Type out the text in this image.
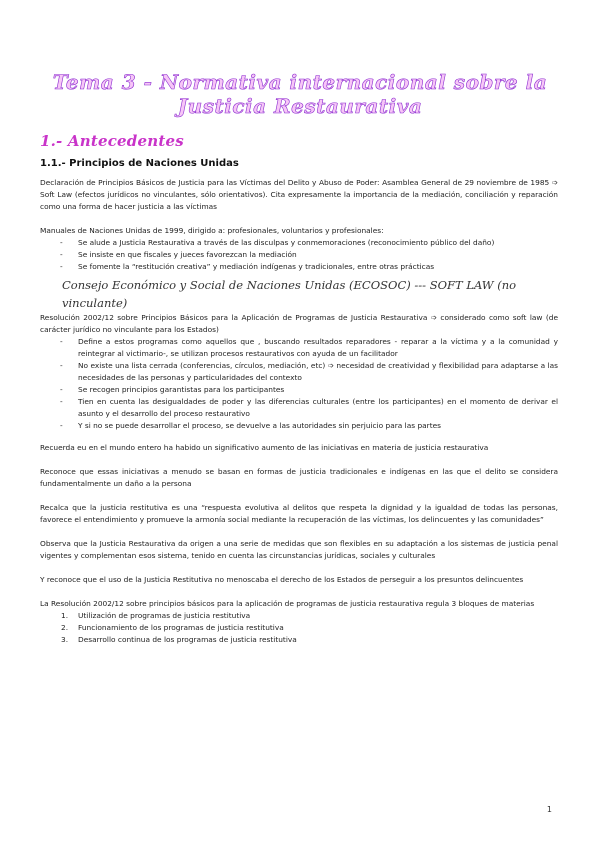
Tema 3 - Normativa internacional sobre la Justicia Restaurativa
1.- Antecedentes
1.1.- Principios de Naciones Unidas

Declaración de Principios Básicos de Justicia para las Víctimas del Delito y Abuso de Poder: Asamblea General de 29 noviembre de 1985 ➩ Soft Law (efectos jurídicos no vinculantes, sólo orientativos). Cita expresamente la importancia de la mediación, conciliación y reparación como una forma de hacer justicia a las víctimas

Manuales de Naciones Unidas de 1999, dirigido a: profesionales, voluntarios y profesionales:

- Se alude a Justicia Restaurativa a través de las disculpas y conmemoraciones (reconocimiento público del daño)
- Se insiste en que fiscales y jueces favorezcan la mediación
- Se fomente la “restitución creativa” y mediación indígenas y tradicionales, entre otras prácticas
Consejo Económico y Social de Naciones Unidas (ECOSOC) --- SOFT LAW (no vinculante)

Resolución 2002/12 sobre Principios Básicos para la Aplicación de Programas de Justicia Restaurativa ➩ considerado como soft law (de carácter jurídico no vinculante para los Estados)

- Define a estos programas como aquellos que , buscando resultados reparadores - reparar a la víctima y a la comunidad y reintegrar al victimario-, se utilizan procesos restaurativos con ayuda de un facilitador
- No existe una lista cerrada (conferencias, círculos, mediación, etc) ➩ necesidad de creatividad y flexibilidad para adaptarse a las necesidades de las personas y particularidades del contexto
- Se recogen principios garantistas para los participantes
- Tien en cuenta las desigualdades de poder y las diferencias culturales (entre los participantes) en el momento de derivar el asunto y el desarrollo del proceso restaurativo
- Y si no se puede desarrollar el proceso, se devuelve a las autoridades sin perjuicio para las partes

Recuerda eu en el mundo entero ha habido un significativo aumento de las iniciativas en materia de justicia restaurativa

Reconoce que essas iniciativas a menudo se basan en formas de justicia tradicionales e indígenas en las que el delito se considera fundamentalmente un daño a la persona

Recalca que la justicia restitutiva es una “respuesta evolutiva al delitos que respeta la dignidad y la igualdad de todas las personas, favorece el entendimiento y promueve la armonía social mediante la recuperación de las víctimas, los delincuentes y las comunidades”

Observa que la Justicia Restaurativa da origen a una serie de medidas que son flexibles en su adaptación a los sistemas de justicia penal vigentes y complementan esos sistema, tenido en cuenta las circunstancias jurídicas, sociales y culturales

Y reconoce que el uso de la Justicia Restitutiva no menoscaba el derecho de los Estados de perseguir a los presuntos delincuentes

La Resolución 2002/12 sobre principios básicos para la aplicación de programas de justicia restaurativa regula 3 bloques de materias

1. Utilización de programas de justicia restitutiva
2. Funcionamiento de los programas de justicia restitutiva
3. Desarrollo continua de los programas de justicia restitutiva
1
